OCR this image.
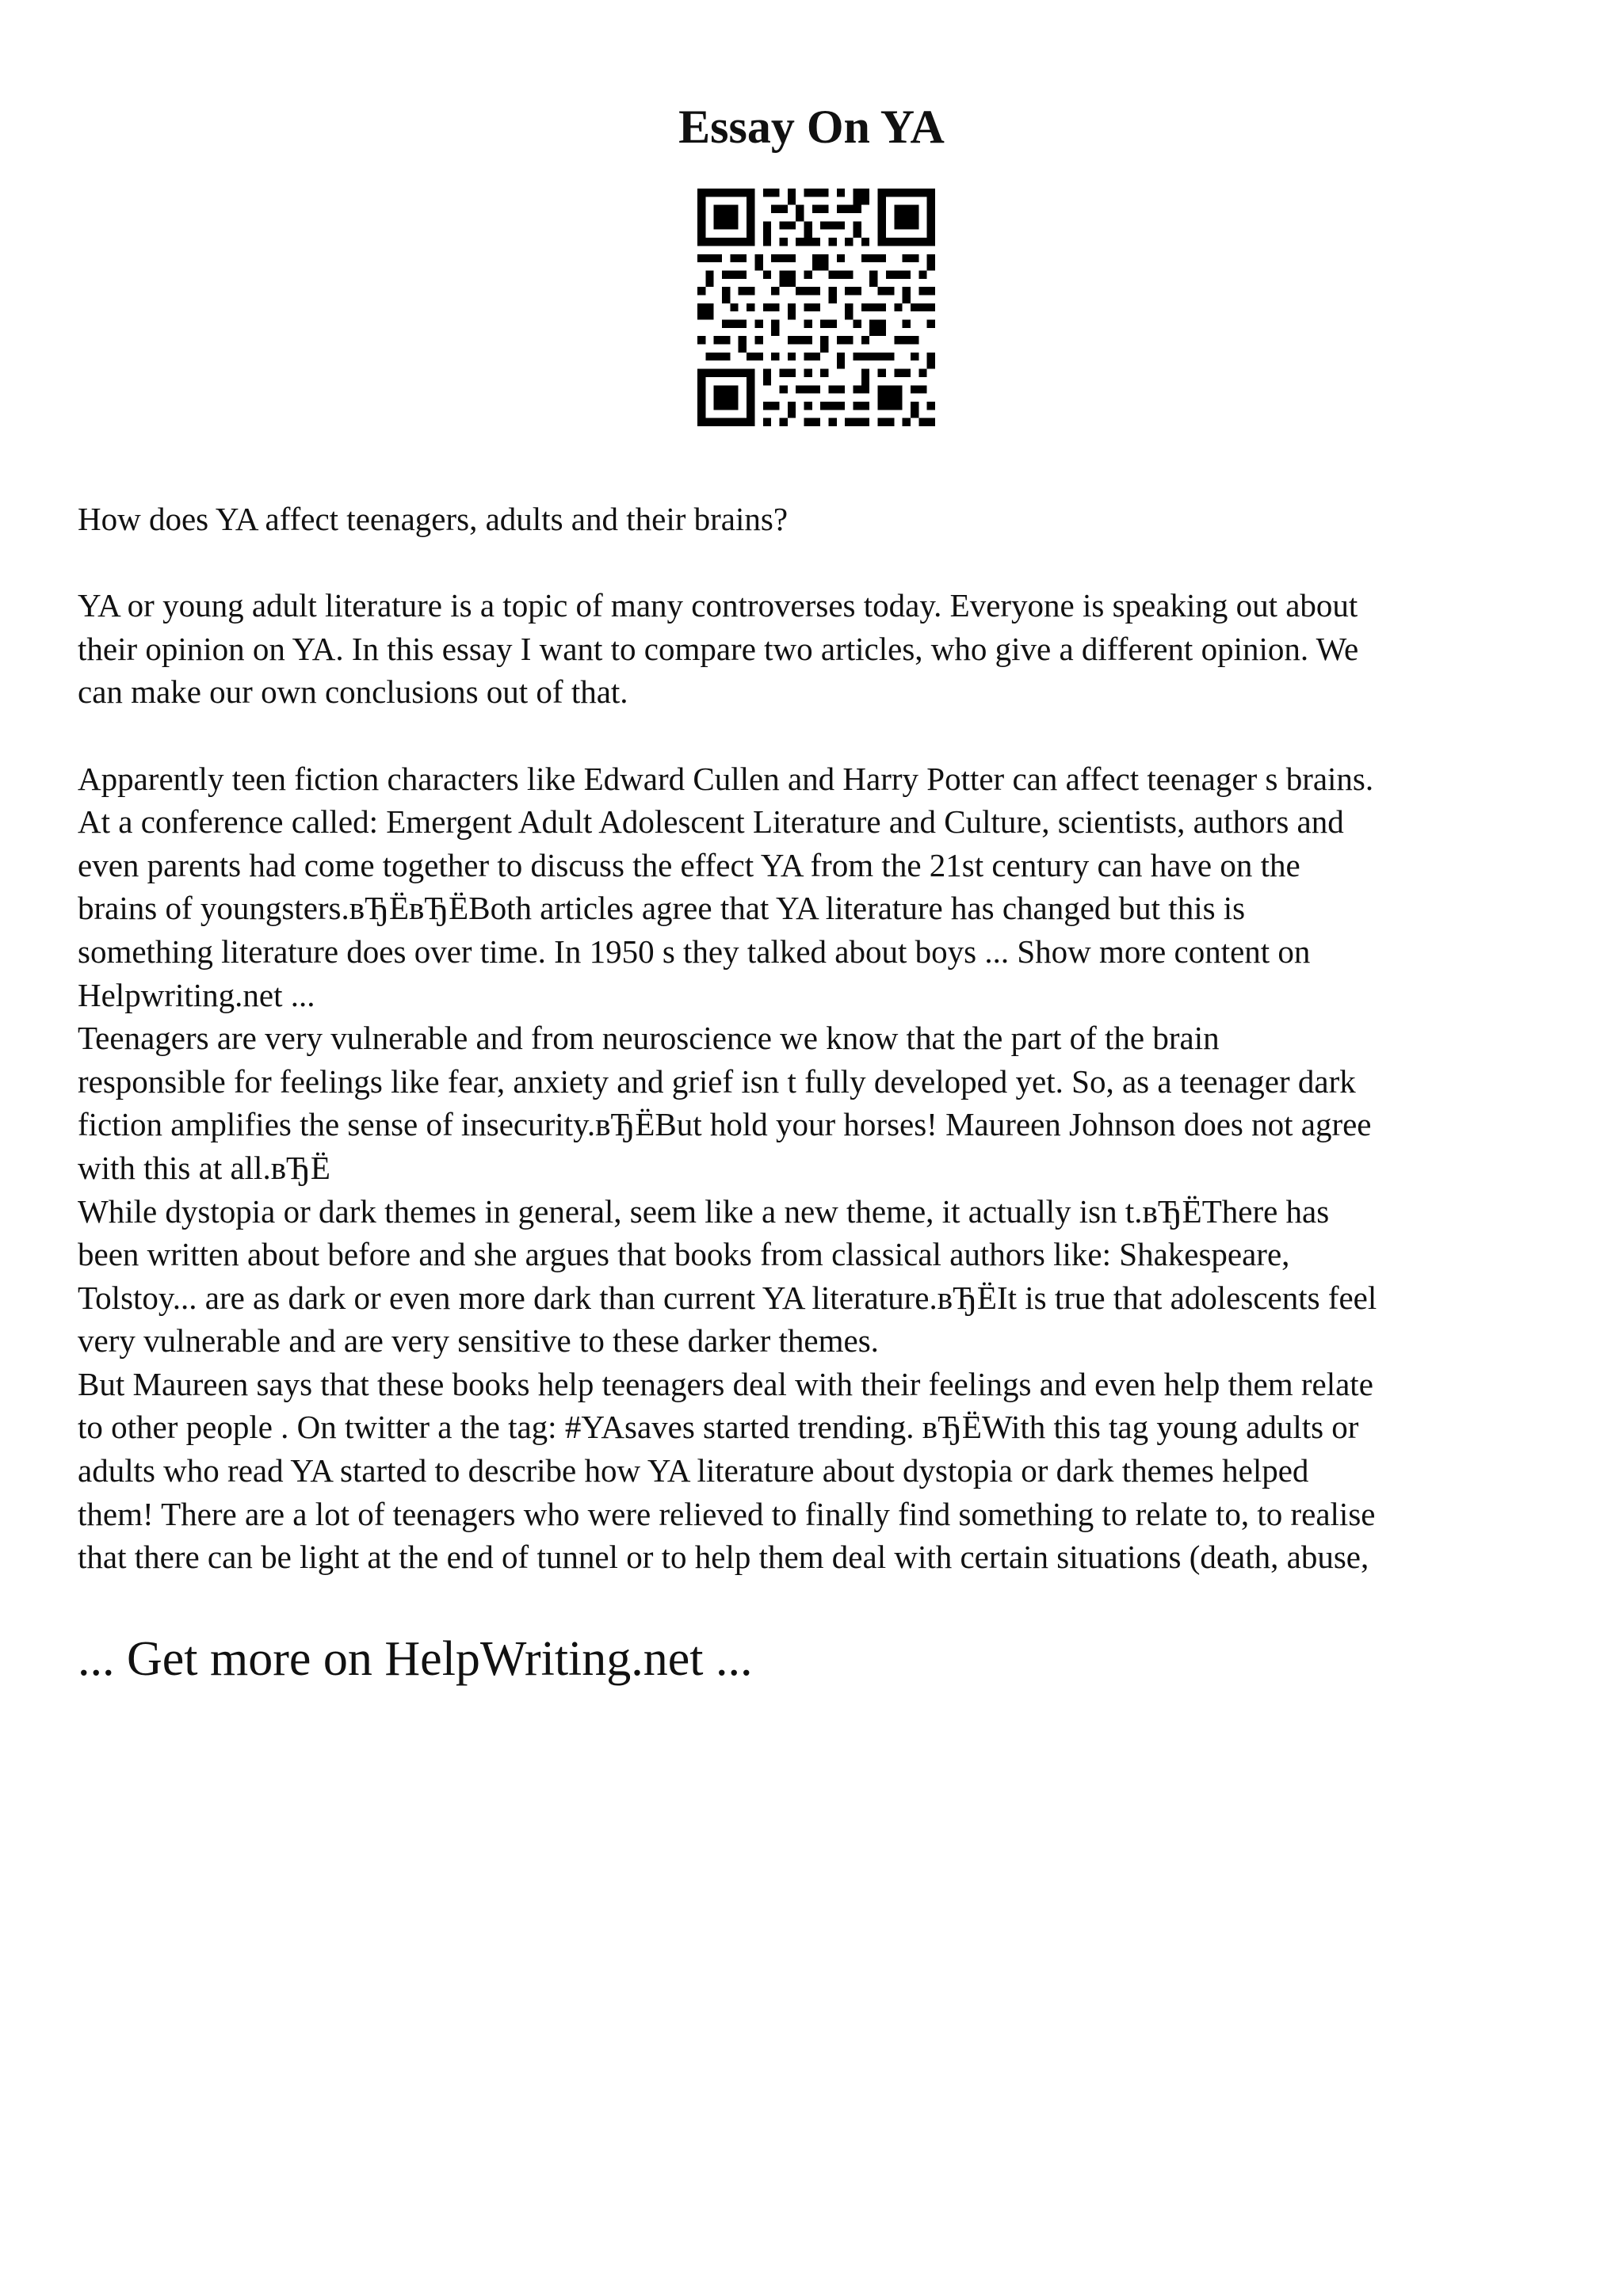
Essay On YA

How does YA affect teenagers, adults and their brains?

YA or young adult literature is a topic of many controverses today. Everyone is speaking out about

their opinion on YA. In this essay I want to compare two articles, who give a different opinion. We

can make our own conclusions out of that.

Apparently teen fiction characters like Edward Cullen and Harry Potter can affect teenager s brains.

At a conference called: Emergent Adult Adolescent Literature and Culture, scientists, authors and

even parents had come together to discuss the effect YA from the 21st century can have on the

brains of youngsters.вЂЁвЂЁBoth articles agree that YA literature has changed but this is

something literature does over time. In 1950 s they talked about boys ... Show more content on

Helpwriting.net ...

Teenagers are very vulnerable and from neuroscience we know that the part of the brain

responsible for feelings like fear, anxiety and grief isn t fully developed yet. So, as a teenager dark

fiction amplifies the sense of insecurity.вЂЁBut hold your horses! Maureen Johnson does not agree

with this at all.вЂЁ

While dystopia or dark themes in general, seem like a new theme, it actually isn t.вЂЁThere has

been written about before and she argues that books from classical authors like: Shakespeare,

Tolstoy... are as dark or even more dark than current YA literature.вЂЁIt is true that adolescents feel

very vulnerable and are very sensitive to these darker themes.

But Maureen says that these books help teenagers deal with their feelings and even help them relate

to other people . On twitter a the tag: #YAsaves started trending. вЂЁWith this tag young adults or

adults who read YA started to describe how YA literature about dystopia or dark themes helped

them! There are a lot of teenagers who were relieved to finally find something to relate to, to realise

that there can be light at the end of tunnel or to help them deal with certain situations (death, abuse,

... Get more on HelpWriting.net ...
